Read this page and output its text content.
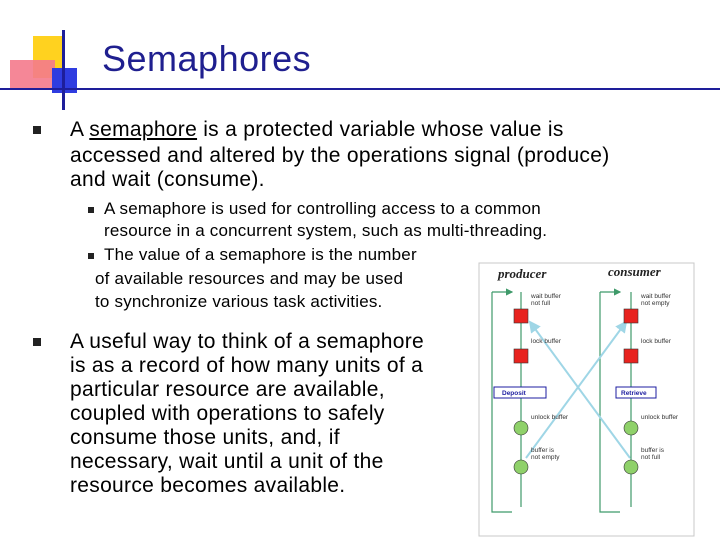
Semaphores
A semaphore is a protected variable whose value is
accessed and altered by the operations signal (produce)
and wait (consume).
A semaphore is used for controlling access to a common
resource in a concurrent system, such as multi-threading.
The value of a semaphore is the number
of available resources and may be used
to synchronize various task activities.
A useful way to think of a semaphore
is as a record of how many units of a
particular resource are available,
coupled with operations to safely
consume those units, and, if
necessary, wait until a unit of the
resource becomes available.
producer	consumer
wait buffer not full
lock buffer
Deposit
unlock buffer
buffer is not empty
wait buffer not empty
lock buffer
Retrieve
unlock buffer
buffer is not full
